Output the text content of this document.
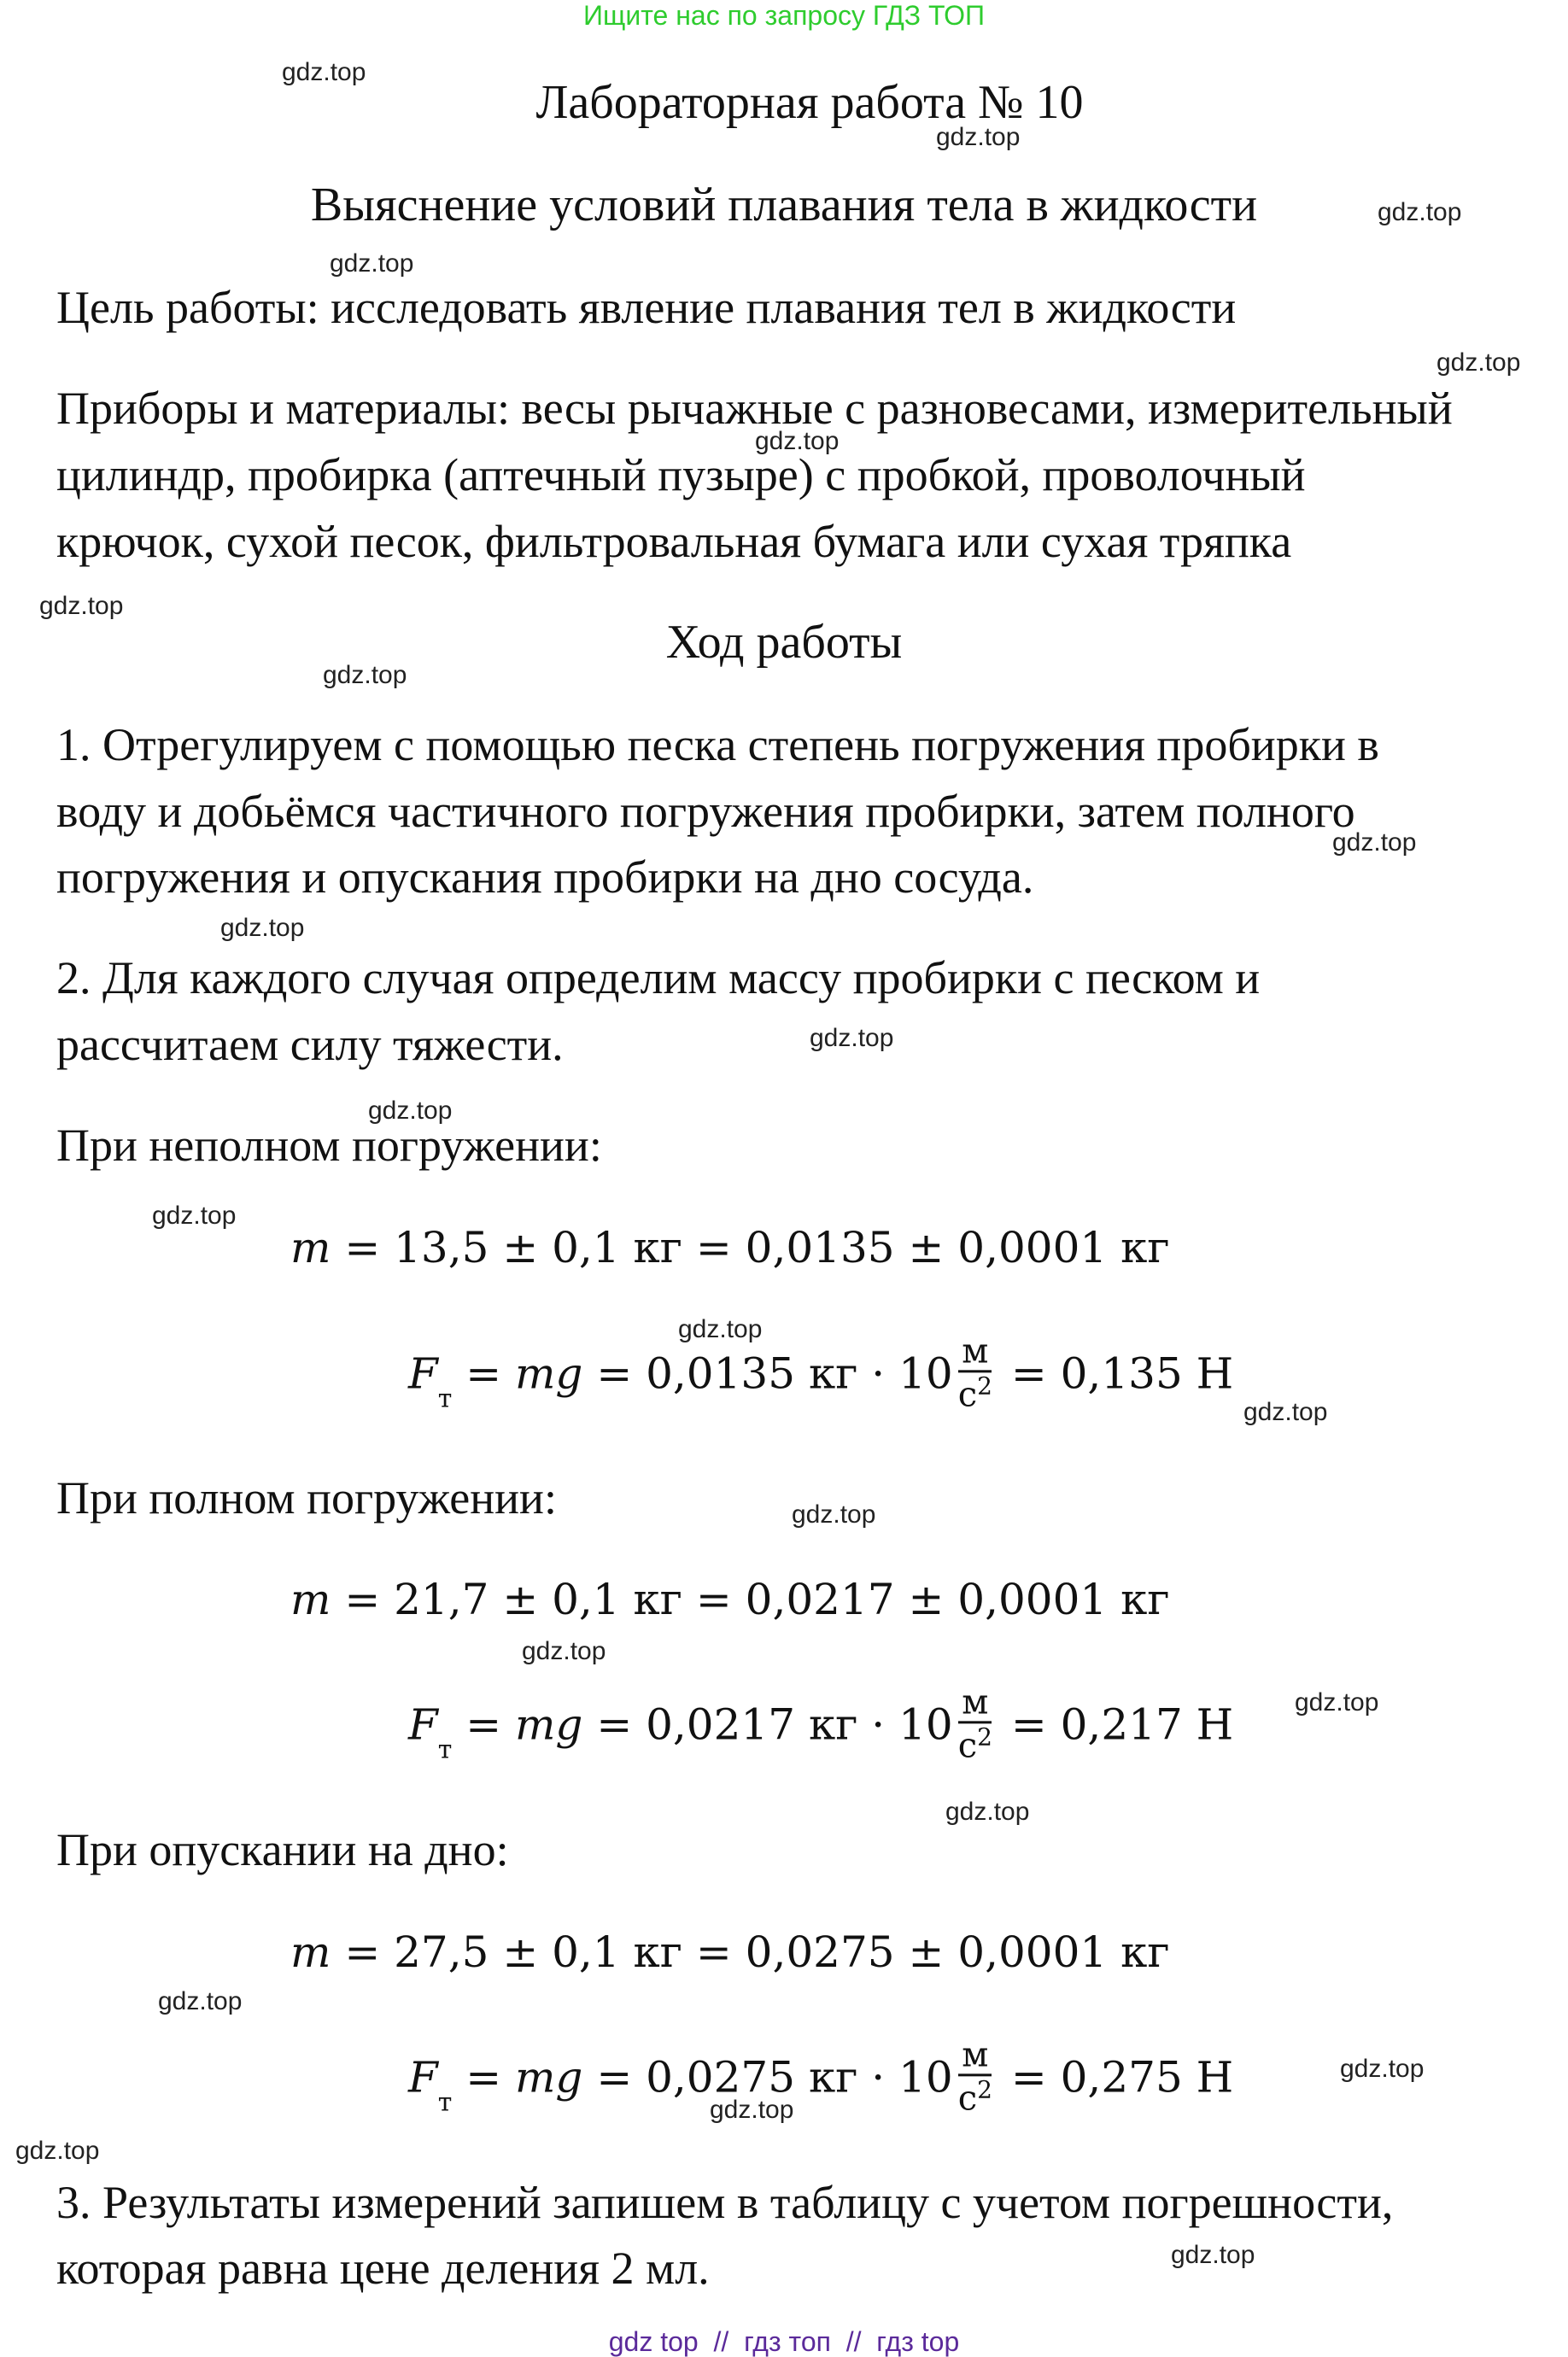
Ищите нас по запросу ГДЗ ТОП
Лабораторная работа № 10
Выяснение условий плавания тела в жидкости
Цель работы: исследовать явление плавания тел в жидкости
Приборы и материалы: весы рычажные с разновесами, измерительный
цилиндр, пробирка (аптечный пузыре) с пробкой, проволочный
крючок, сухой песок, фильтровальная бумага или сухая тряпка
Ход работы
1. Отрегулируем с помощью песка степень погружения пробирки в
воду и добьёмся частичного погружения пробирки, затем полного
погружения и опускания пробирки на дно сосуда.
2. Для каждого случая определим массу пробирки с песком и
рассчитаем силу тяжести.
При неполном погружении:
m = 13,5 ± 0,1 кг = 0,0135 ± 0,0001 кг
F
$_т$
= mg = 0,0135 кг · $10 \frac{м}{с^2} = 0,135$ Н
При полном погружении:
m = 21,7 ± 0,1 кг = 0,0217 ± 0,0001 кг
F
$_т$
= mg = 0,0217 кг · $10 \frac{м}{с^2} = 0,217$ Н
При опускании на дно:
m = 27,5 ± 0,1 кг = 0,0275 ± 0,0001 кг
F
$_т$
= mg = 0,0275 кг · $10 \frac{м}{с^2} = 0,275$ Н
3. Результаты измерений запишем в таблицу с учетом погрешности,
которая равна цене деления 2 мл.
gdz top  //  гдз топ  //  гдз top
gdz.top
gdz.top
gdz.top
gdz.top
gdz.top
gdz.top
gdz.top
gdz.top
gdz.top
gdz.top
gdz.top
gdz.top
gdz.top
gdz.top
gdz.top
gdz.top
gdz.top
gdz.top
gdz.top
gdz.top
gdz.top
gdz.top
gdz.top
gdz.top
